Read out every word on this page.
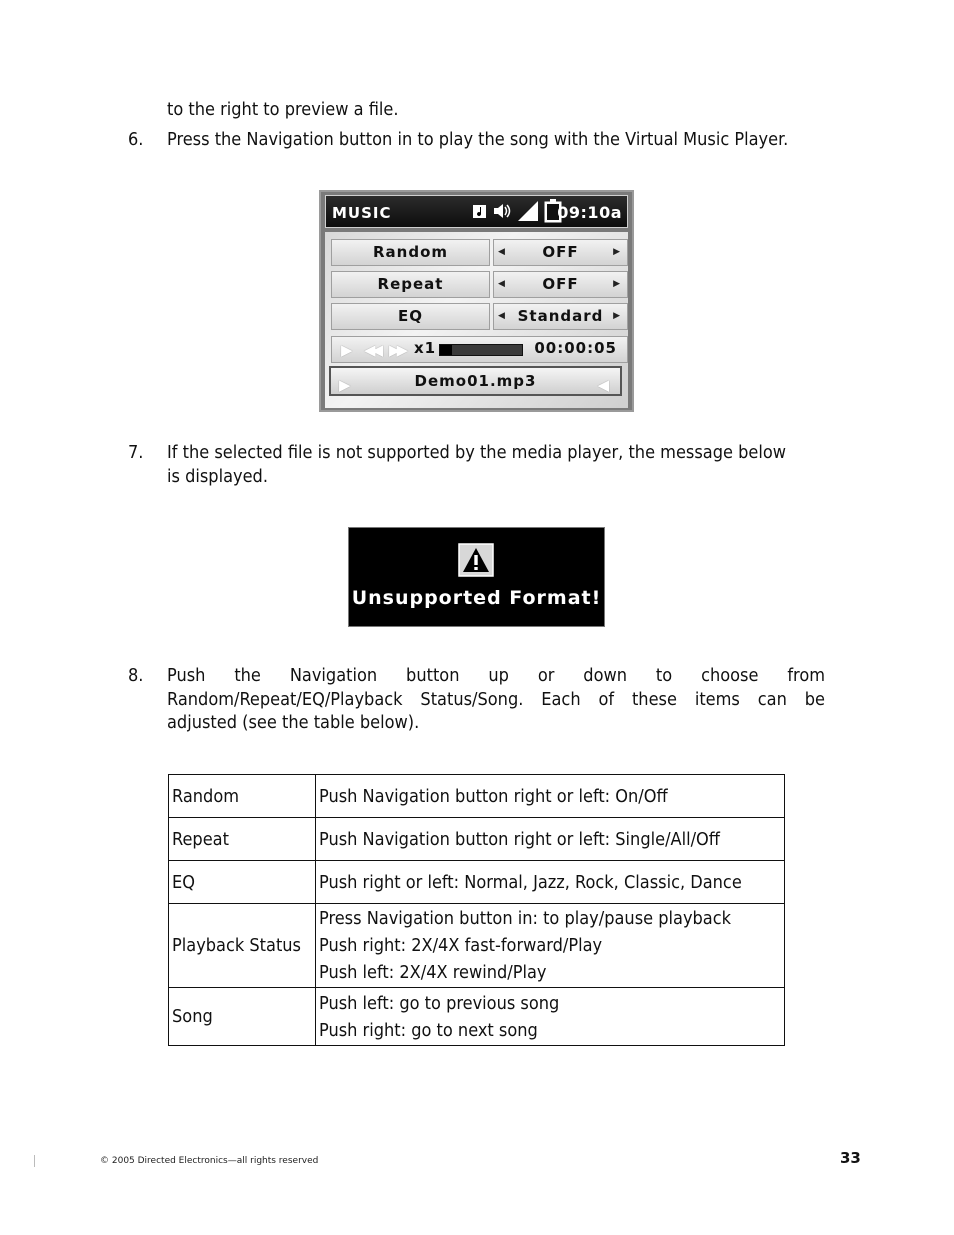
to the right to preview a file.
6. Press the Navigation button in to play the song with the Virtual Music Player.
MUSIC	09:10a
Random	◀ OFF	▶
Repeat	◀ OFF	▶
EQ	◀ Standard ▶
▶ ◀◀ ▶▶ x1	00:00:05
▶	Demo01.mp3	◀
7. If the selected file is not supported by the media player, the message below
is displayed.
Unsupported Format!
8. Push the Navigation button up or down to choose from
Random/Repeat/EQ/Playback Status/Song. Each of these items can be
adjusted (see the table below).
Random	Push Navigation button right or left: On/Off

Repeat	Push Navigation button right or left: Single/All/Off

EQ	Push right or left: Normal, Jazz, Rock, Classic, Dance

Playback Status	Press Navigation button in: to play/pause playback
Push right: 2X/4X fast-forward/Play
Push left: 2X/4X rewind/Play

Song	Push left: go to previous song
Push right: go to next song
© 2005 Directed Electronics—all rights reserved	33
